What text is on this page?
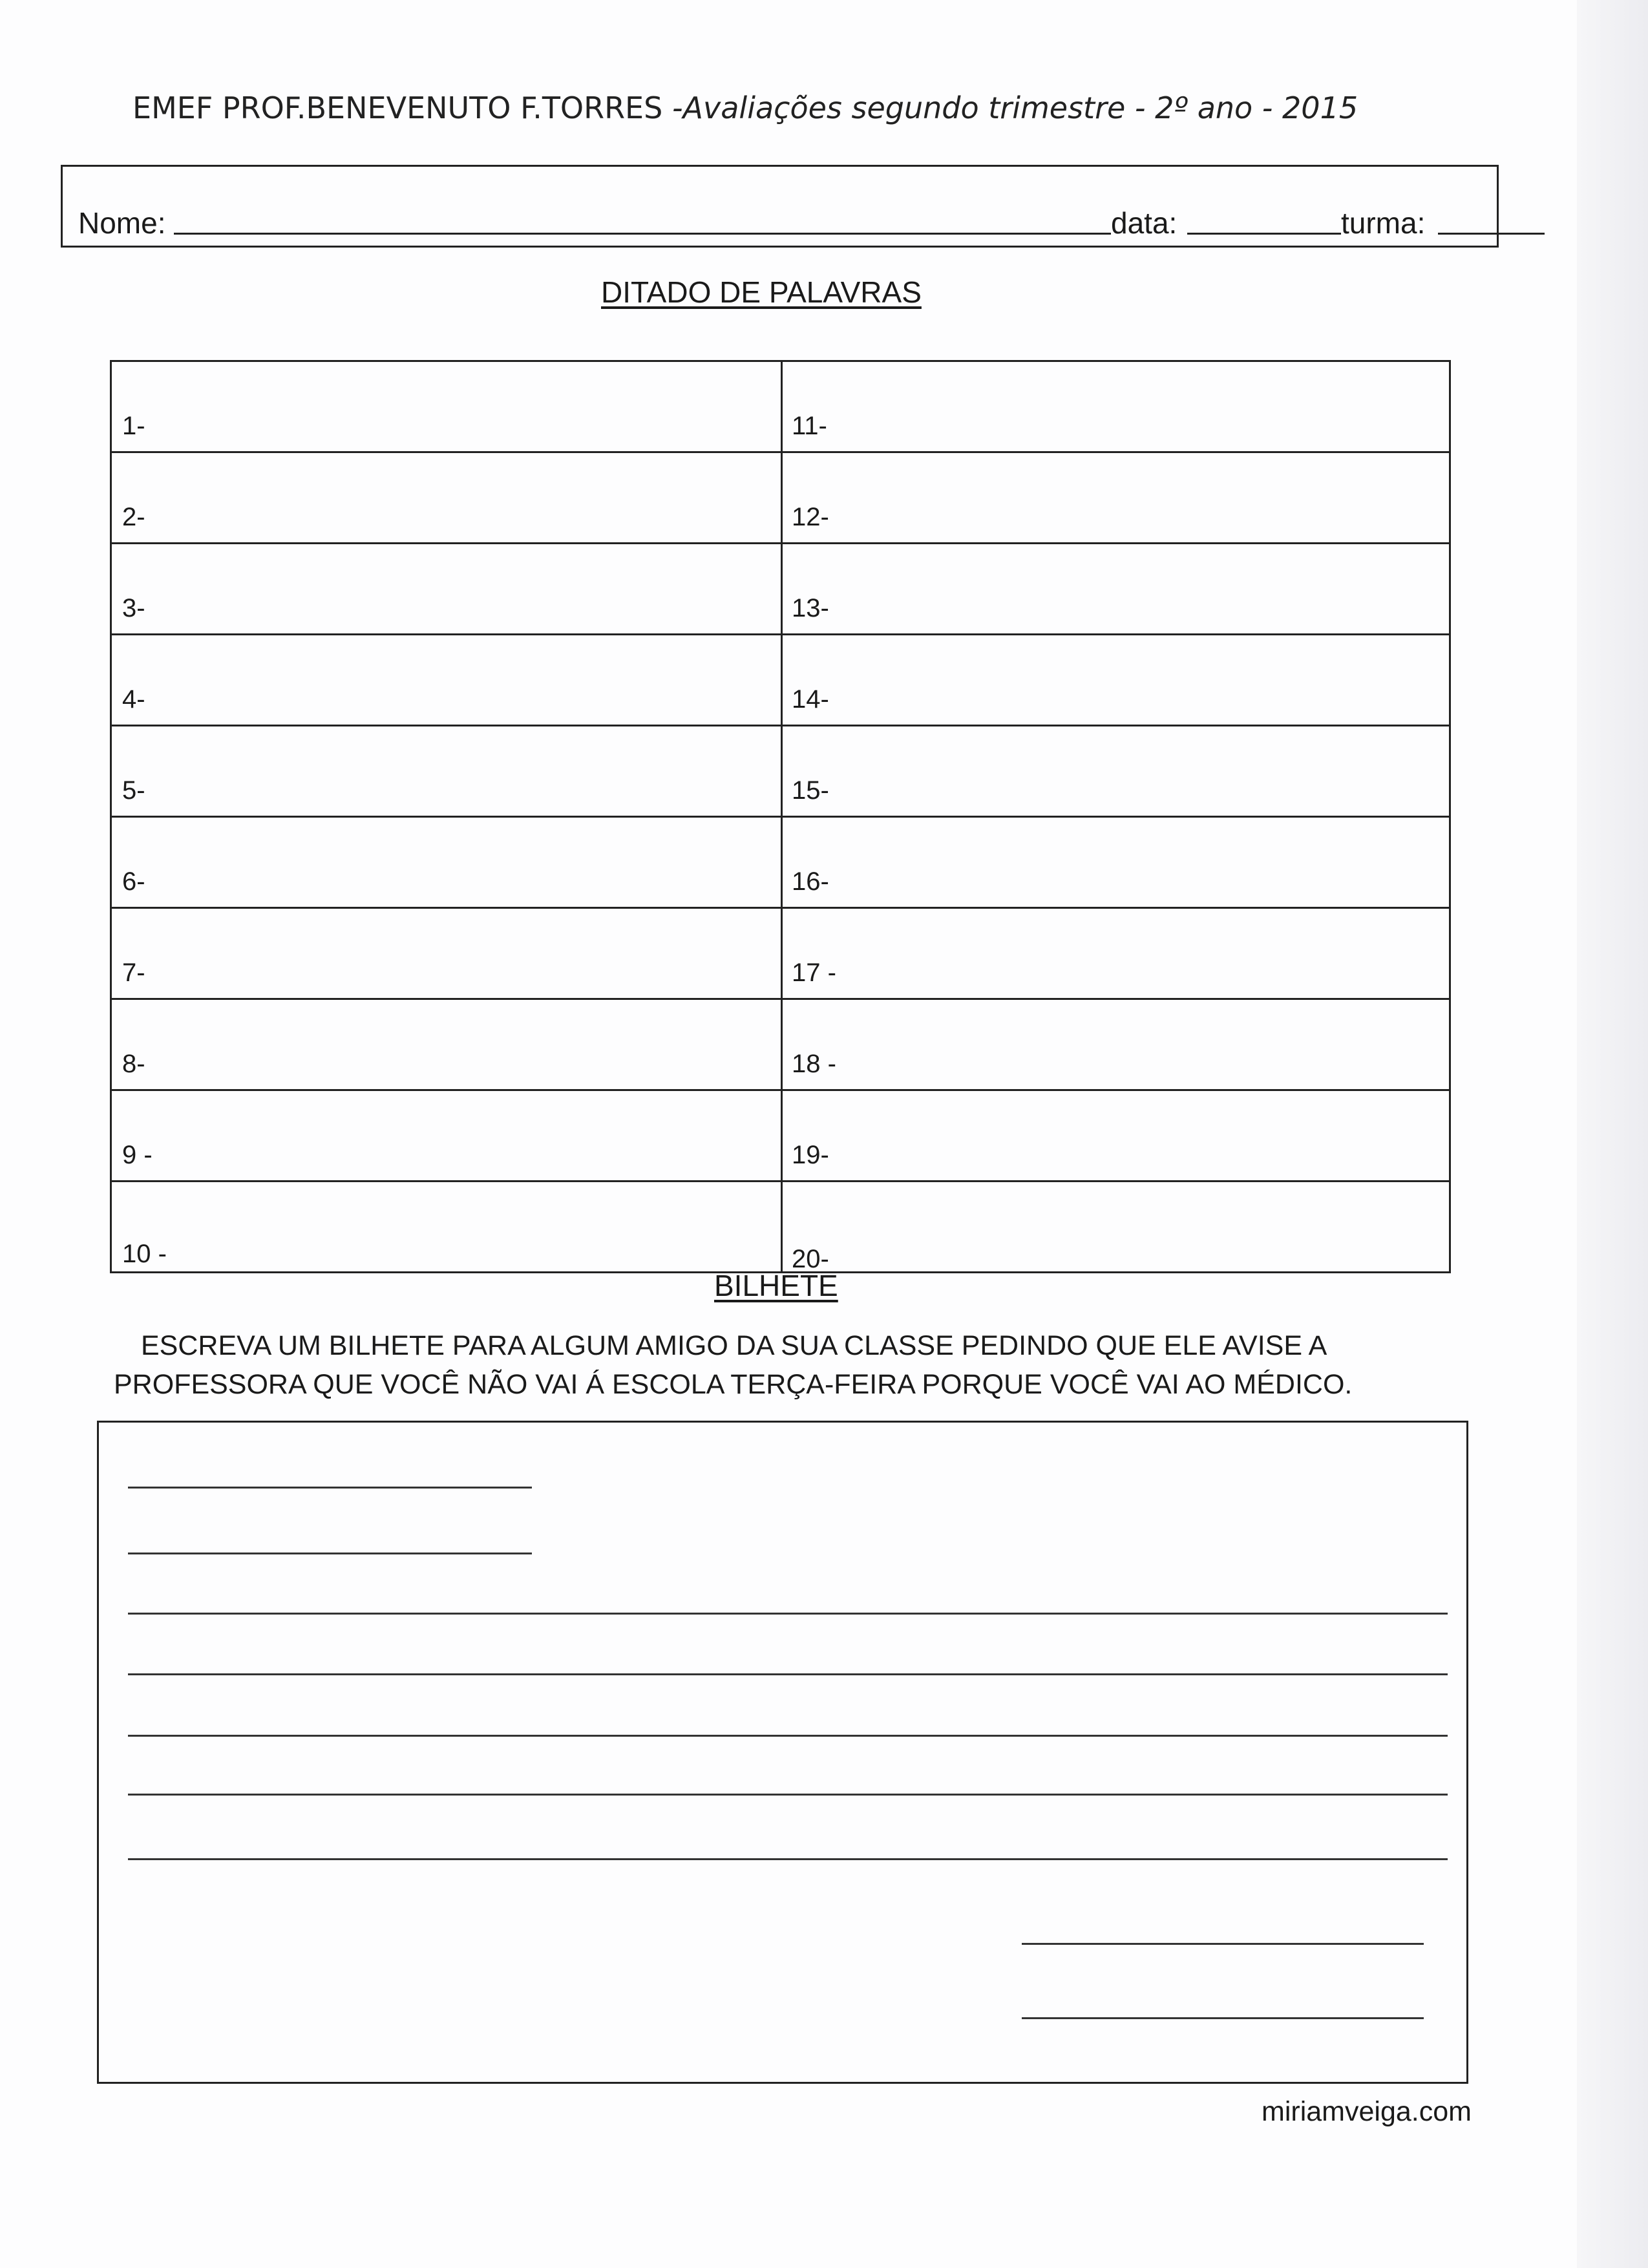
EMEF PROF.BENEVENUTO F.TORRES -Avaliações segundo trimestre - 2º ano - 2015
Nome:	data:	turma:
DITADO DE PALAVRAS
1-	11-
2-	12-
3-	13-
4-	14-
5-	15-
6-	16-
7-	17 -
8-	18 -
9 -	19-
10 -	20-
BILHETE
ESCREVA UM BILHETE PARA ALGUM AMIGO DA SUA CLASSE PEDINDO QUE ELE AVISE A
PROFESSORA QUE VOCÊ NÃO VAI Á ESCOLA TERÇA-FEIRA PORQUE VOCÊ VAI AO MÉDICO.
miriamveiga.com
